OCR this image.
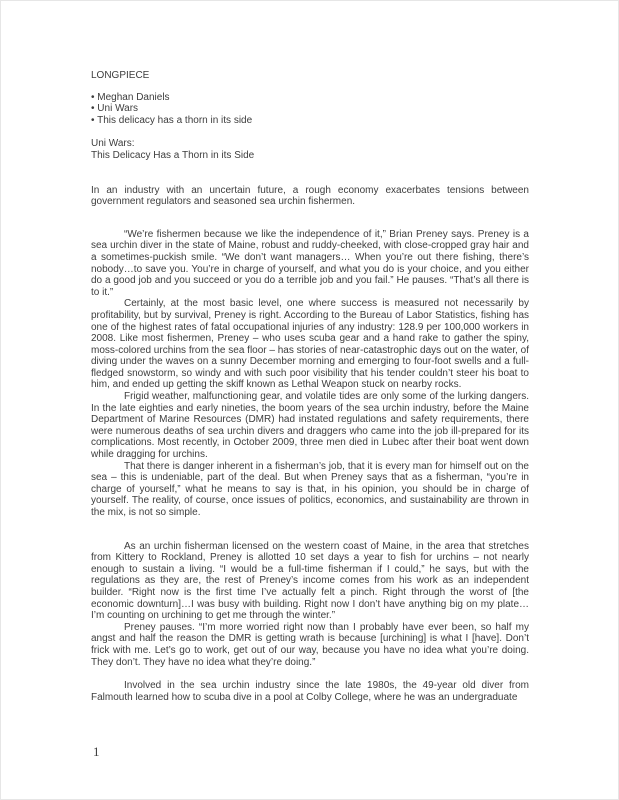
LONGPIECE
• Meghan Daniels
• Uni Wars
• This delicacy has a thorn in its side
Uni Wars:
This Delicacy Has a Thorn in its Side

In an industry with an uncertain future, a rough economy exacerbates tensions between government regulators and seasoned sea urchin fishermen.

“We’re fishermen because we like the independence of it,” Brian Preney says. Preney is a sea urchin diver in the state of Maine, robust and ruddy-cheeked, with close-cropped gray hair and a sometimes-puckish smile. “We don’t want managers… When you’re out there fishing, there’s nobody…to save you. You’re in charge of yourself, and what you do is your choice, and you either do a good job and you succeed or you do a terrible job and you fail.” He pauses. “That’s all there is to it.”

Certainly, at the most basic level, one where success is measured not necessarily by profitability, but by survival, Preney is right. According to the Bureau of Labor Statistics, fishing has one of the highest rates of fatal occupational injuries of any industry: 128.9 per 100,000 workers in 2008. Like most fishermen, Preney – who uses scuba gear and a hand rake to gather the spiny, moss-colored urchins from the sea floor – has stories of near-catastrophic days out on the water, of diving under the waves on a sunny December morning and emerging to four-foot swells and a full-fledged snowstorm, so windy and with such poor visibility that his tender couldn’t steer his boat to him, and ended up getting the skiff known as Lethal Weapon stuck on nearby rocks.

Frigid weather, malfunctioning gear, and volatile tides are only some of the lurking dangers. In the late eighties and early nineties, the boom years of the sea urchin industry, before the Maine Department of Marine Resources (DMR) had instated regulations and safety requirements, there were numerous deaths of sea urchin divers and draggers who came into the job ill-prepared for its complications. Most recently, in October 2009, three men died in Lubec after their boat went down while dragging for urchins.

That there is danger inherent in a fisherman’s job, that it is every man for himself out on the sea – this is undeniable, part of the deal. But when Preney says that as a fisherman, “you’re in charge of yourself,” what he means to say is that, in his opinion, you should be in charge of yourself. The reality, of course, once issues of politics, economics, and sustainability are thrown in the mix, is not so simple.

As an urchin fisherman licensed on the western coast of Maine, in the area that stretches from Kittery to Rockland, Preney is allotted 10 set days a year to fish for urchins – not nearly enough to sustain a living. “I would be a full-time fisherman if I could,” he says, but with the regulations as they are, the rest of Preney’s income comes from his work as an independent builder. “Right now is the first time I’ve actually felt a pinch. Right through the worst of [the economic downturn]…I was busy with building. Right now I don’t have anything big on my plate… I’m counting on urchining to get me through the winter.”

Preney pauses. “I’m more worried right now than I probably have ever been, so half my angst and half the reason the DMR is getting wrath is because [urchining] is what I [have]. Don’t frick with me. Let’s go to work, get out of our way, because you have no idea what you’re doing. They don’t. They have no idea what they’re doing.”

Involved in the sea urchin industry since the late 1980s, the 49-year old diver from Falmouth learned how to scuba dive in a pool at Colby College, where he was an undergraduate

1
